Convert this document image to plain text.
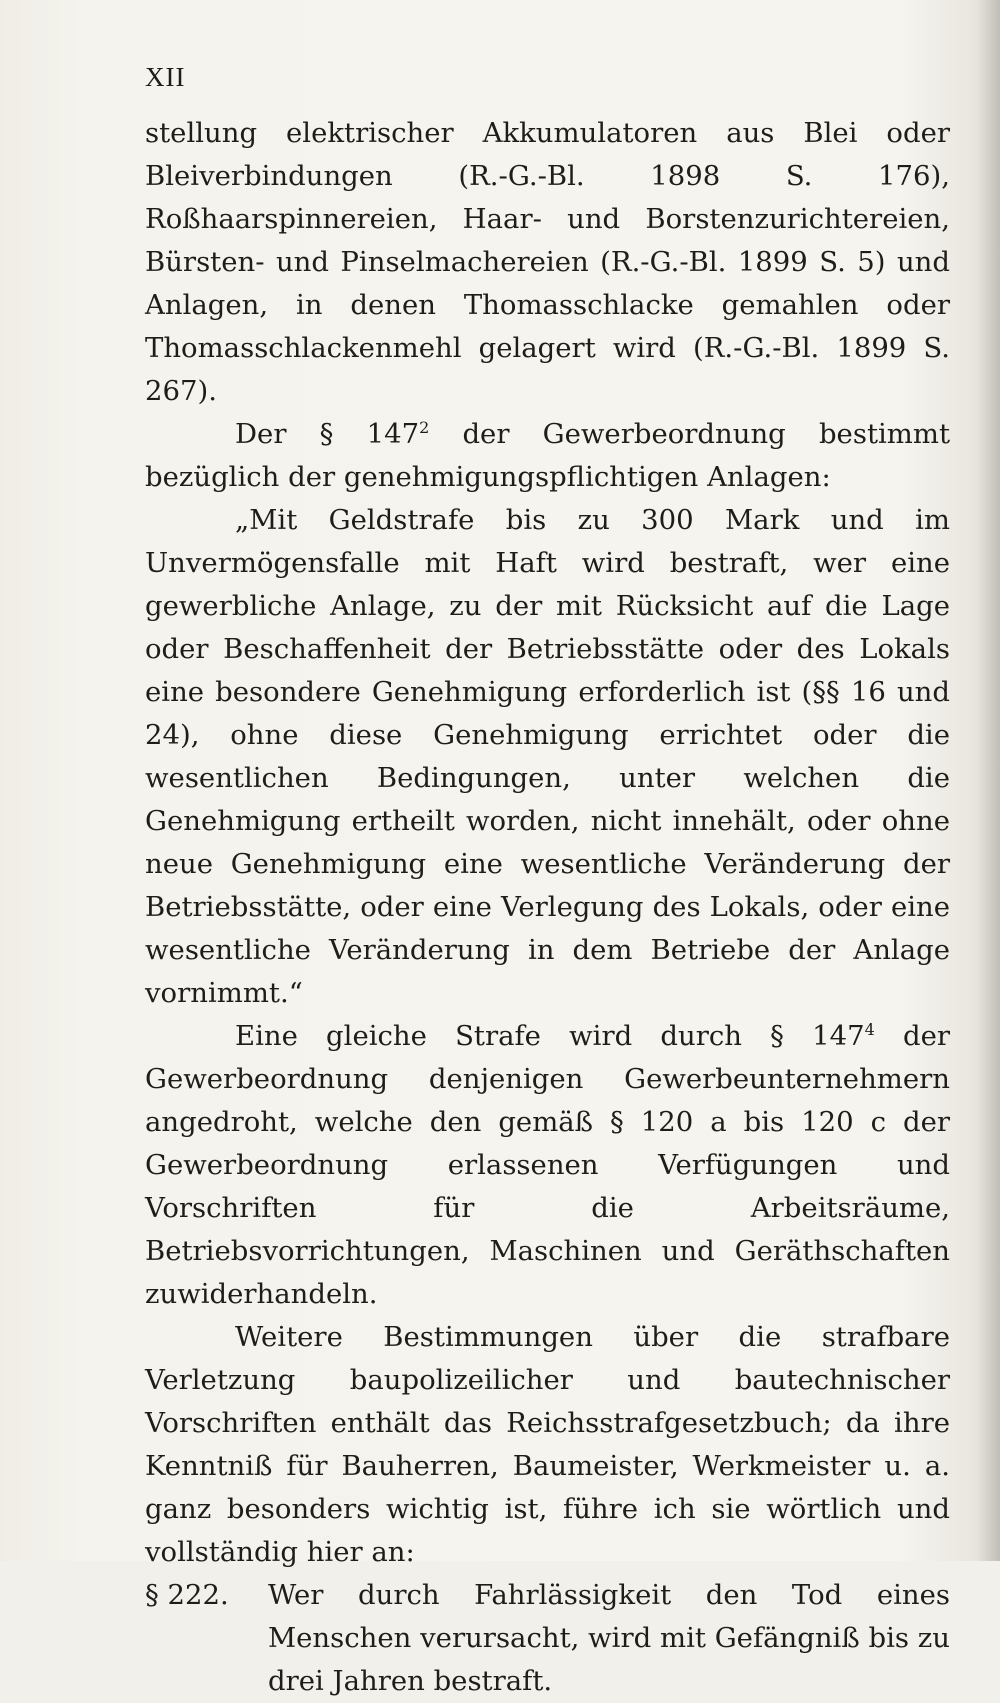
XII

stellung elektrischer Akkumulatoren aus Blei oder Bleiverbindungen (R.-G.-Bl. 1898 S. 176), Roßhaarspinnereien, Haar- und Borstenzurichtereien, Bürsten- und Pinselmachereien (R.-G.-Bl. 1899 S. 5) und Anlagen, in denen Thomasschlacke gemahlen oder Thomasschlackenmehl gelagert wird (R.-G.-Bl. 1899 S. 267).

Der § $147^2$ der Gewerbeordnung bestimmt bezüglich der genehmigungspflichtigen Anlagen:

„Mit Geldstrafe bis zu 300 Mark und im Unvermögensfalle mit Haft wird bestraft, wer eine gewerbliche Anlage, zu der mit Rücksicht auf die Lage oder Beschaffenheit der Betriebsstätte oder des Lokals eine besondere Genehmigung erforderlich ist (§§ 16 und 24), ohne diese Genehmigung errichtet oder die wesentlichen Bedingungen, unter welchen die Genehmigung ertheilt worden, nicht innehält, oder ohne neue Genehmigung eine wesentliche Veränderung der Betriebsstätte, oder eine Verlegung des Lokals, oder eine wesentliche Veränderung in dem Betriebe der Anlage vornimmt.“

Eine gleiche Strafe wird durch § $147^4$ der Gewerbeordnung denjenigen Gewerbeunternehmern angedroht, welche den gemäß § 120 a bis 120 c der Gewerbeordnung erlassenen Verfügungen und Vorschriften für die Arbeitsräume, Betriebsvorrichtungen, Maschinen und Geräthschaften zuwiderhandeln.

Weitere Bestimmungen über die strafbare Verletzung baupolizeilicher und bautechnischer Vorschriften enthält das Reichsstrafgesetzbuch; da ihre Kenntniß für Bauherren, Baumeister, Werkmeister u. a. ganz besonders wichtig ist, führe ich sie wörtlich und vollständig hier an:

§ 222.	Wer durch Fahrlässigkeit den Tod eines Menschen verursacht, wird mit Gefängniß bis zu drei Jahren bestraft.
